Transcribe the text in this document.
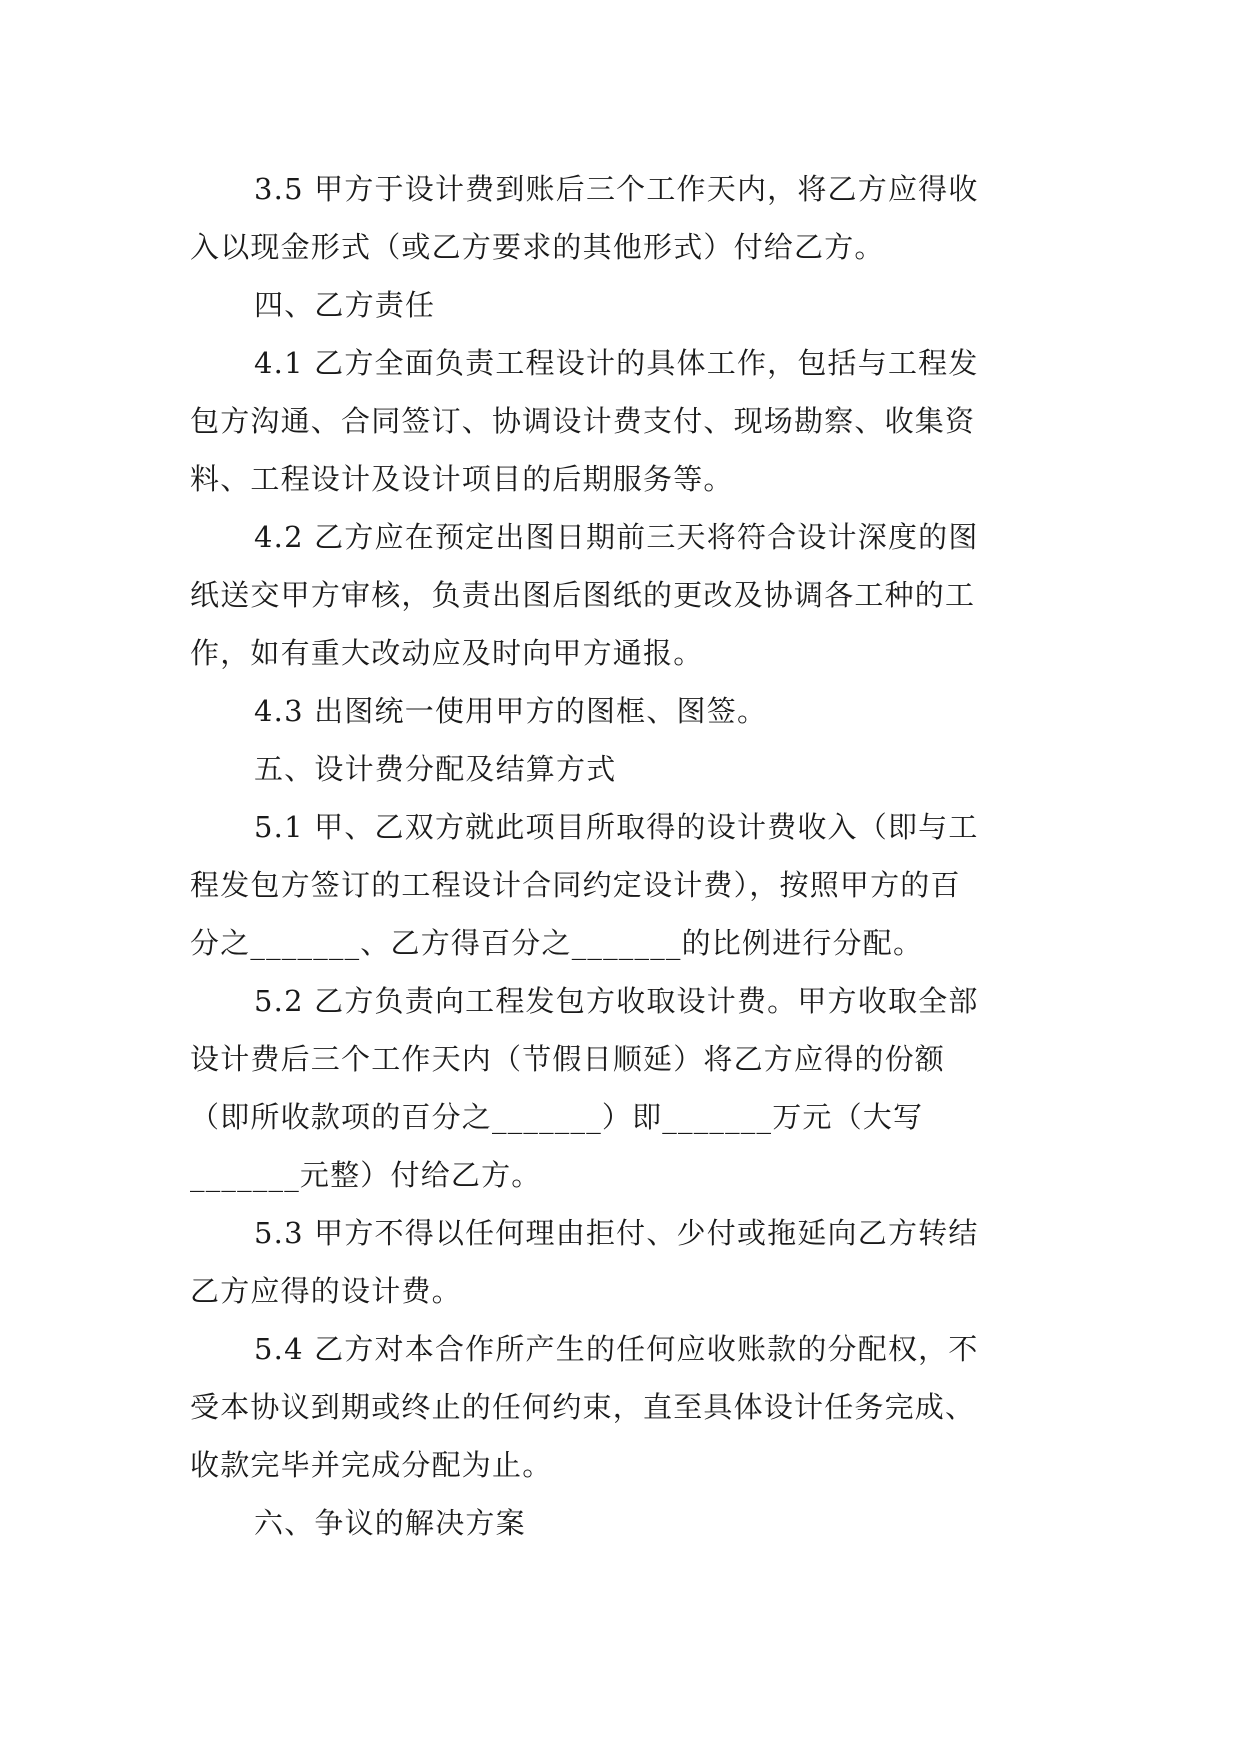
3.5 甲方于设计费到账后三个工作天内，将乙方应得收
入以现金形式（或乙方要求的其他形式）付给乙方。

四、乙方责任

4.1 乙方全面负责工程设计的具体工作，包括与工程发
包方沟通、合同签订、协调设计费支付、现场勘察、收集资
料、工程设计及设计项目的后期服务等。

4.2 乙方应在预定出图日期前三天将符合设计深度的图
纸送交甲方审核，负责出图后图纸的更改及协调各工种的工
作，如有重大改动应及时向甲方通报。

4.3 出图统一使用甲方的图框、图签。

五、设计费分配及结算方式

5.1 甲、乙双方就此项目所取得的设计费收入（即与工
程发包方签订的工程设计合同约定设计费），按照甲方的百
分之_______、乙方得百分之_______的比例进行分配。

5.2 乙方负责向工程发包方收取设计费。甲方收取全部
设计费后三个工作天内（节假日顺延）将乙方应得的份额
（即所收款项的百分之_______）即_______万元（大写
_______元整）付给乙方。

5.3 甲方不得以任何理由拒付、少付或拖延向乙方转结
乙方应得的设计费。

5.4 乙方对本合作所产生的任何应收账款的分配权，不
受本协议到期或终止的任何约束，直至具体设计任务完成、
收款完毕并完成分配为止。

六、争议的解决方案
